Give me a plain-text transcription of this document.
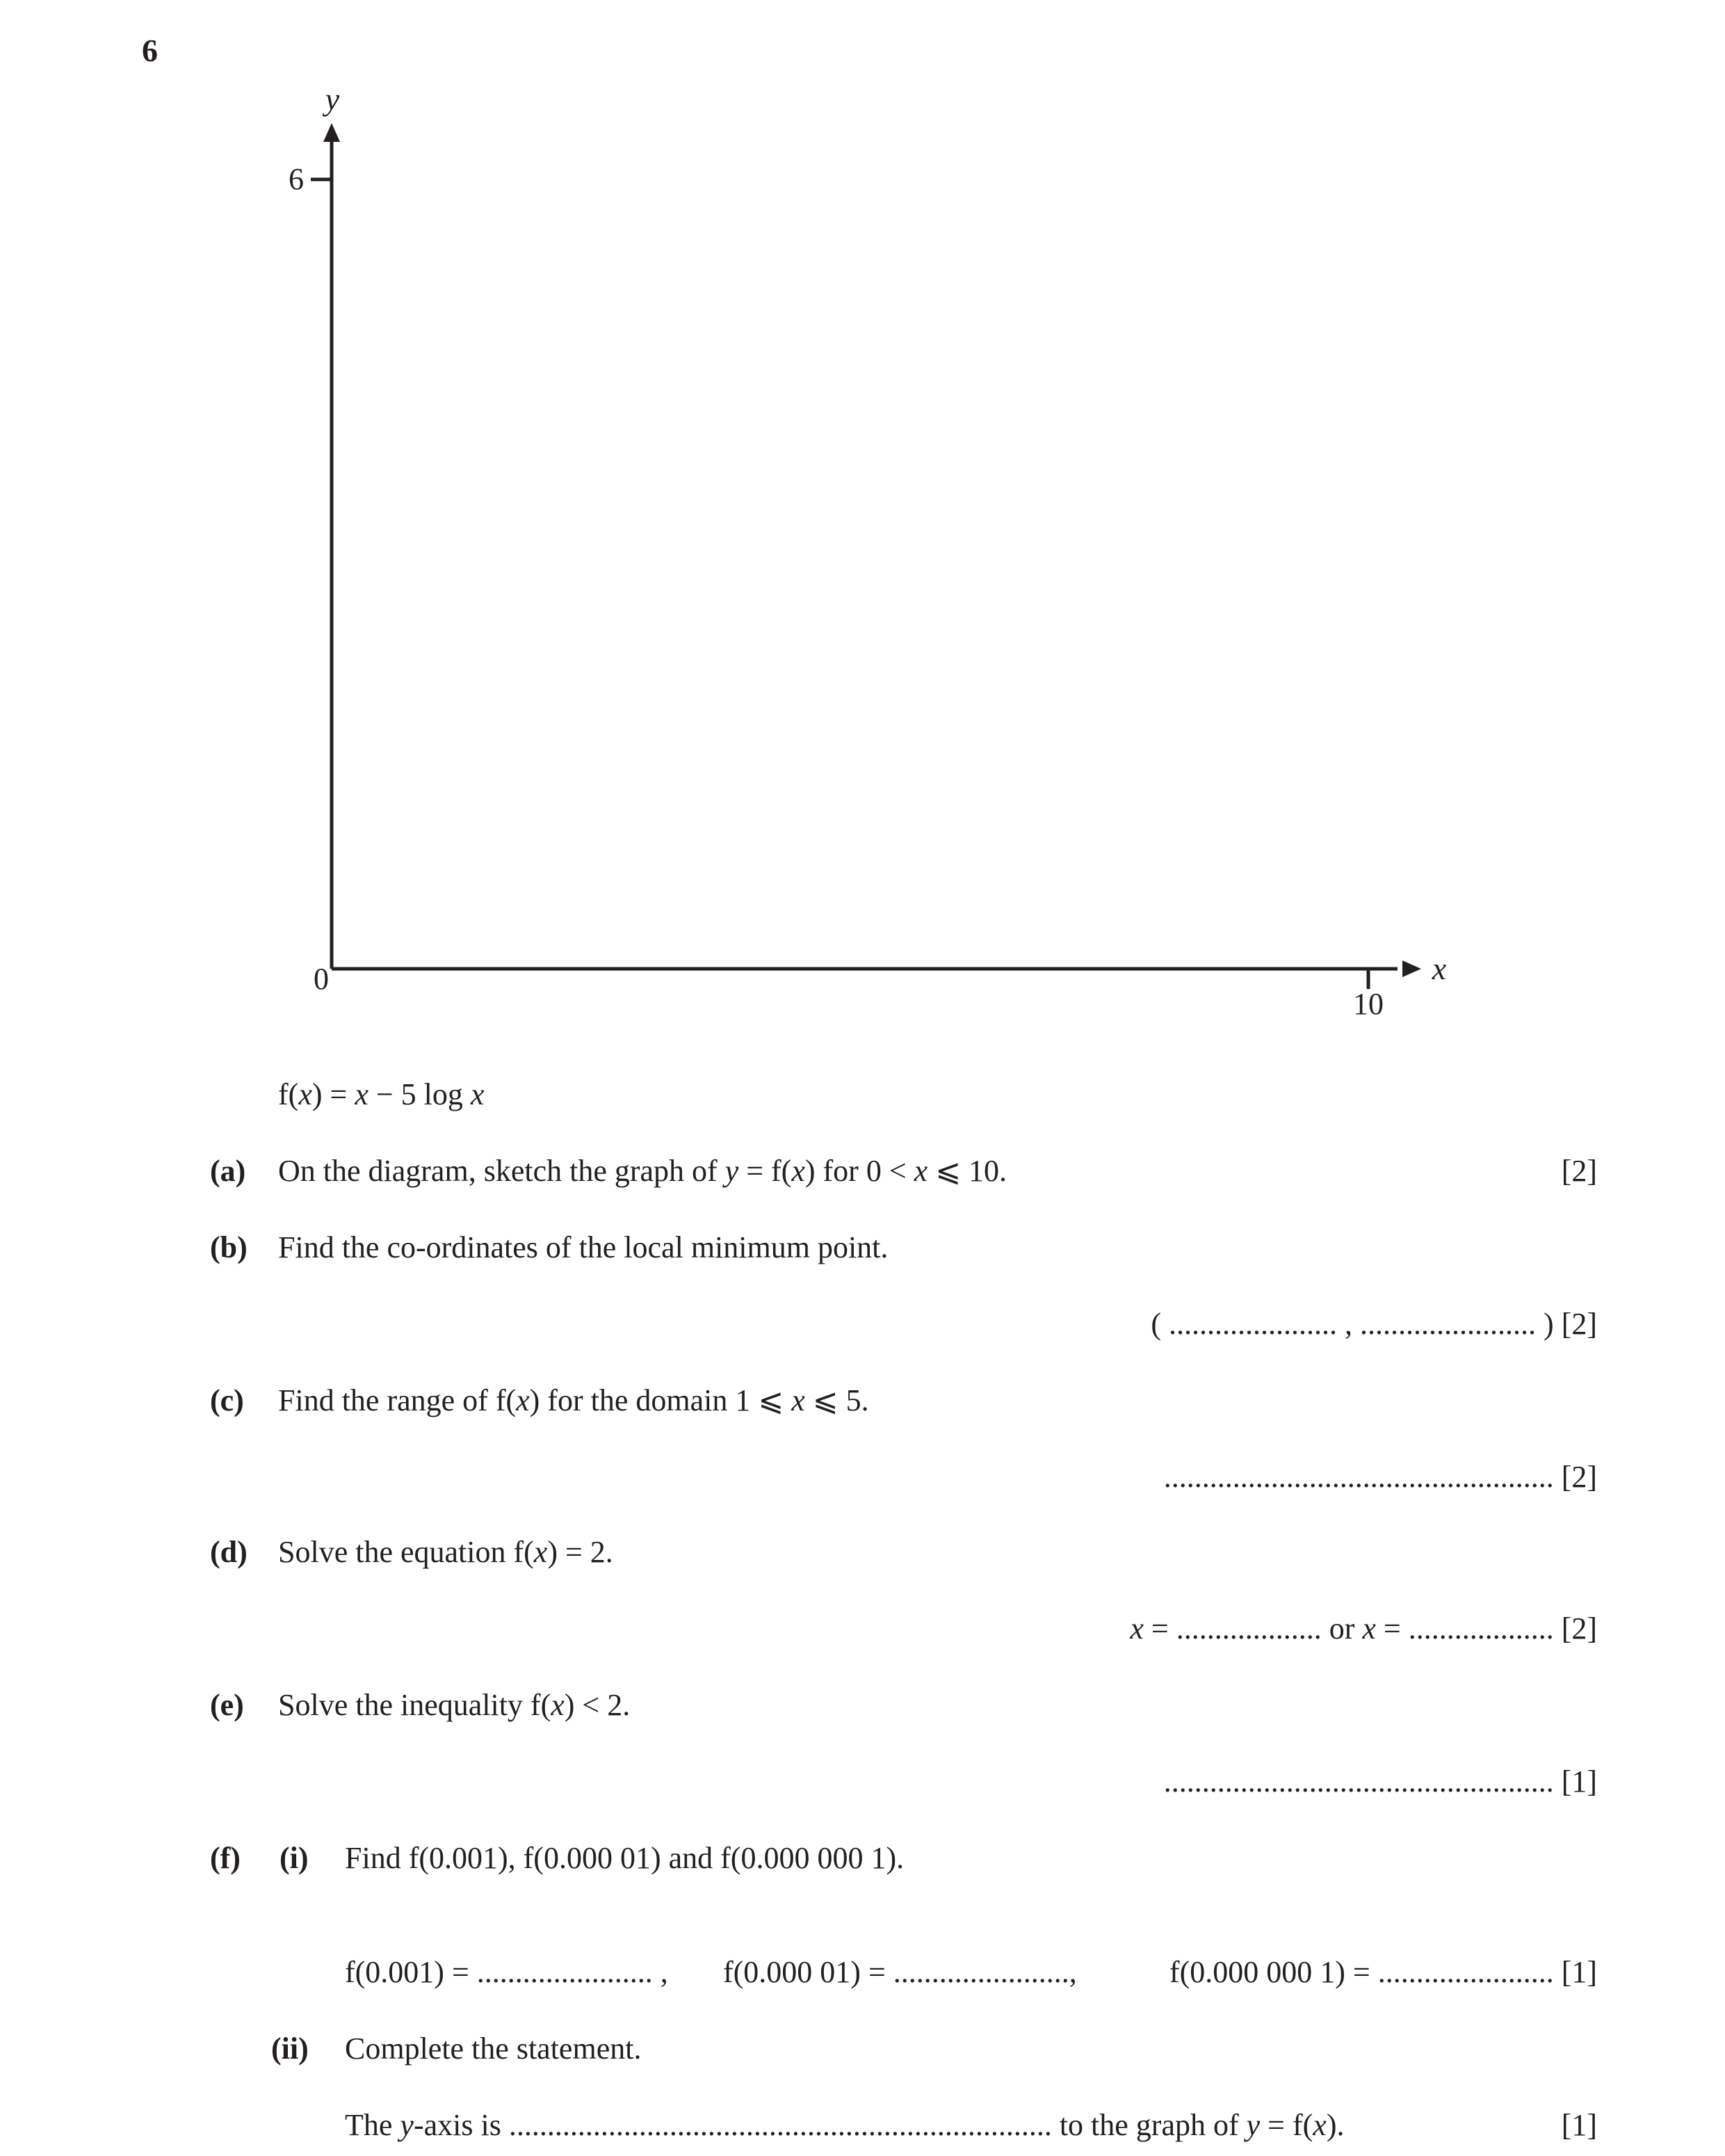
6
y
6
0
10
x
f(x) = x − 5 log x
(a) On the diagram, sketch the graph of y = f(x) for 0 < x ⩽ 10.	[2]
(b) Find the co-ordinates of the local minimum point.
( ...................... , ....................... ) [2]
(c) Find the range of f(x) for the domain 1 ⩽ x ⩽ 5.
................................................... [2]
(d) Solve the equation f(x) = 2.
x = ................... or x = ................... [2]
(e) Solve the inequality f(x) < 2.
................................................... [1]
(f) (i) Find f(0.001), f(0.000 01) and f(0.000 000 1).
f(0.001) = ....................... , f(0.000 01) = .......................,	f(0.000 000 1) = ....................... [1]
(ii) Complete the statement.
The y-axis is ....................................................................... to the graph of y = f(x).	[1]
